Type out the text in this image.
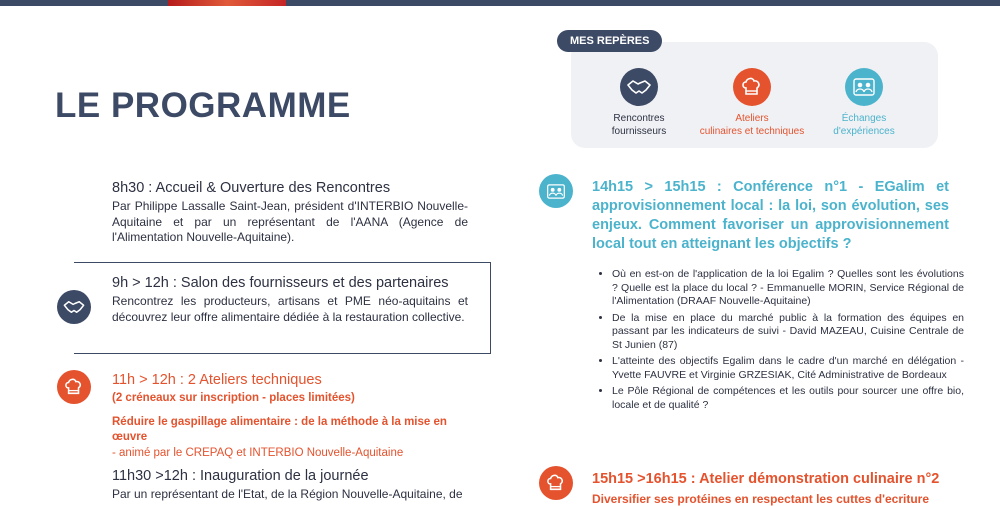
LE PROGRAMME
MES REPÈRES
Rencontres
fournisseurs
Ateliers
culinaires et techniques
Échanges
d'expériences
8h30 : Accueil & Ouverture des Rencontres
Par Philippe Lassalle Saint-Jean, président d'INTERBIO Nouvelle-Aquitaine et par un représentant de l'AANA (Agence de l'Alimentation Nouvelle-Aquitaine).
9h > 12h : Salon des fournisseurs et des partenaires
Rencontrez les producteurs, artisans et PME néo-aquitains et découvrez leur offre alimentaire dédiée à la restauration collective.
11h > 12h : 2 Ateliers techniques
(2 créneaux sur inscription - places limitées)
Réduire le gaspillage alimentaire : de la méthode à la mise en œuvre
- animé par le CREPAQ et INTERBIO Nouvelle-Aquitaine
11h30 >12h : Inauguration de la journée
Par un représentant de l'Etat, de la Région Nouvelle-Aquitaine, de
14h15 > 15h15 : Conférence n°1 - EGalim et approvisionnement local : la loi, son évolution, ses enjeux. Comment favoriser un approvisionnement local tout en atteignant les objectifs ?
• Où en est-on de l'application de la loi Egalim ? Quelles sont les évolutions ? Quelle est la place du local ? - Emmanuelle MORIN, Service Régional de l'Alimentation (DRAAF Nouvelle-Aquitaine)
• De la mise en place du marché public à la formation des équipes en passant par les indicateurs de suivi - David MAZEAU, Cuisine Centrale de St Junien (87)
• L'atteinte des objectifs Egalim dans le cadre d'un marché en délégation - Yvette FAUVRE et Virginie GRZESIAK, Cité Administrative de Bordeaux
• Le Pôle Régional de compétences et les outils pour sourcer une offre bio, locale et de qualité ?
15h15 >16h15 : Atelier démonstration culinaire n°2
Diversifier ses protéines en respectant les cuttes d'ecriture
